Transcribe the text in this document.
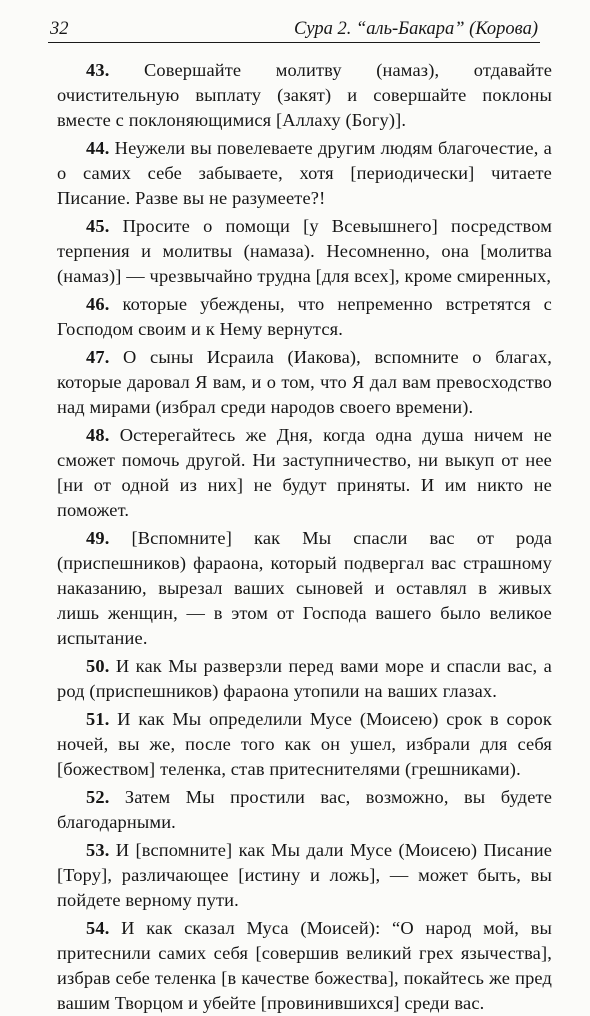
32	Сура 2. “аль-Бакара” (Корова)

43. Совершайте молитву (намаз), отдавайте очистительную выплату (закят) и совершайте поклоны вместе с поклоняющимися [Аллаху (Богу)].

44. Неужели вы повелеваете другим людям благочестие, а о самих себе забываете, хотя [периодически] читаете Писание. Разве вы не разумеете?!

45. Просите о помощи [у Всевышнего] посредством терпения и молитвы (намаза). Несомненно, она [молитва (намаз)] — чрезвычайно трудна [для всех], кроме смиренных,

46. которые убеждены, что непременно встретятся с Господом своим и к Нему вернутся.

47. О сыны Исраила (Иакова), вспомните о благах, которые даровал Я вам, и о том, что Я дал вам превосходство над мирами (избрал среди народов своего времени).

48. Остерегайтесь же Дня, когда одна душа ничем не сможет помочь другой. Ни заступничество, ни выкуп от нее [ни от одной из них] не будут приняты. И им никто не поможет.

49. [Вспомните] как Мы спасли вас от рода (приспешников) фараона, который подвергал вас страшному наказанию, вырезал ваших сыновей и оставлял в живых лишь женщин, — в этом от Господа вашего было великое испытание.

50. И как Мы разверзли перед вами море и спасли вас, а род (приспешников) фараона утопили на ваших глазах.

51. И как Мы определили Мусе (Моисею) срок в сорок ночей, вы же, после того как он ушел, избрали для себя [божеством] теленка, став притеснителями (грешниками).

52. Затем Мы простили вас, возможно, вы будете благодарными.

53. И [вспомните] как Мы дали Мусе (Моисею) Писание [Тору], различающее [истину и ложь], — может быть, вы пойдете верному пути.

54. И как сказал Муса (Моисей): “О народ мой, вы притеснили самих себя [совершив великий грех язычества], избрав себе теленка [в качестве божества], покайтесь же пред вашим Творцом и убейте [провинившихся] среди вас.
